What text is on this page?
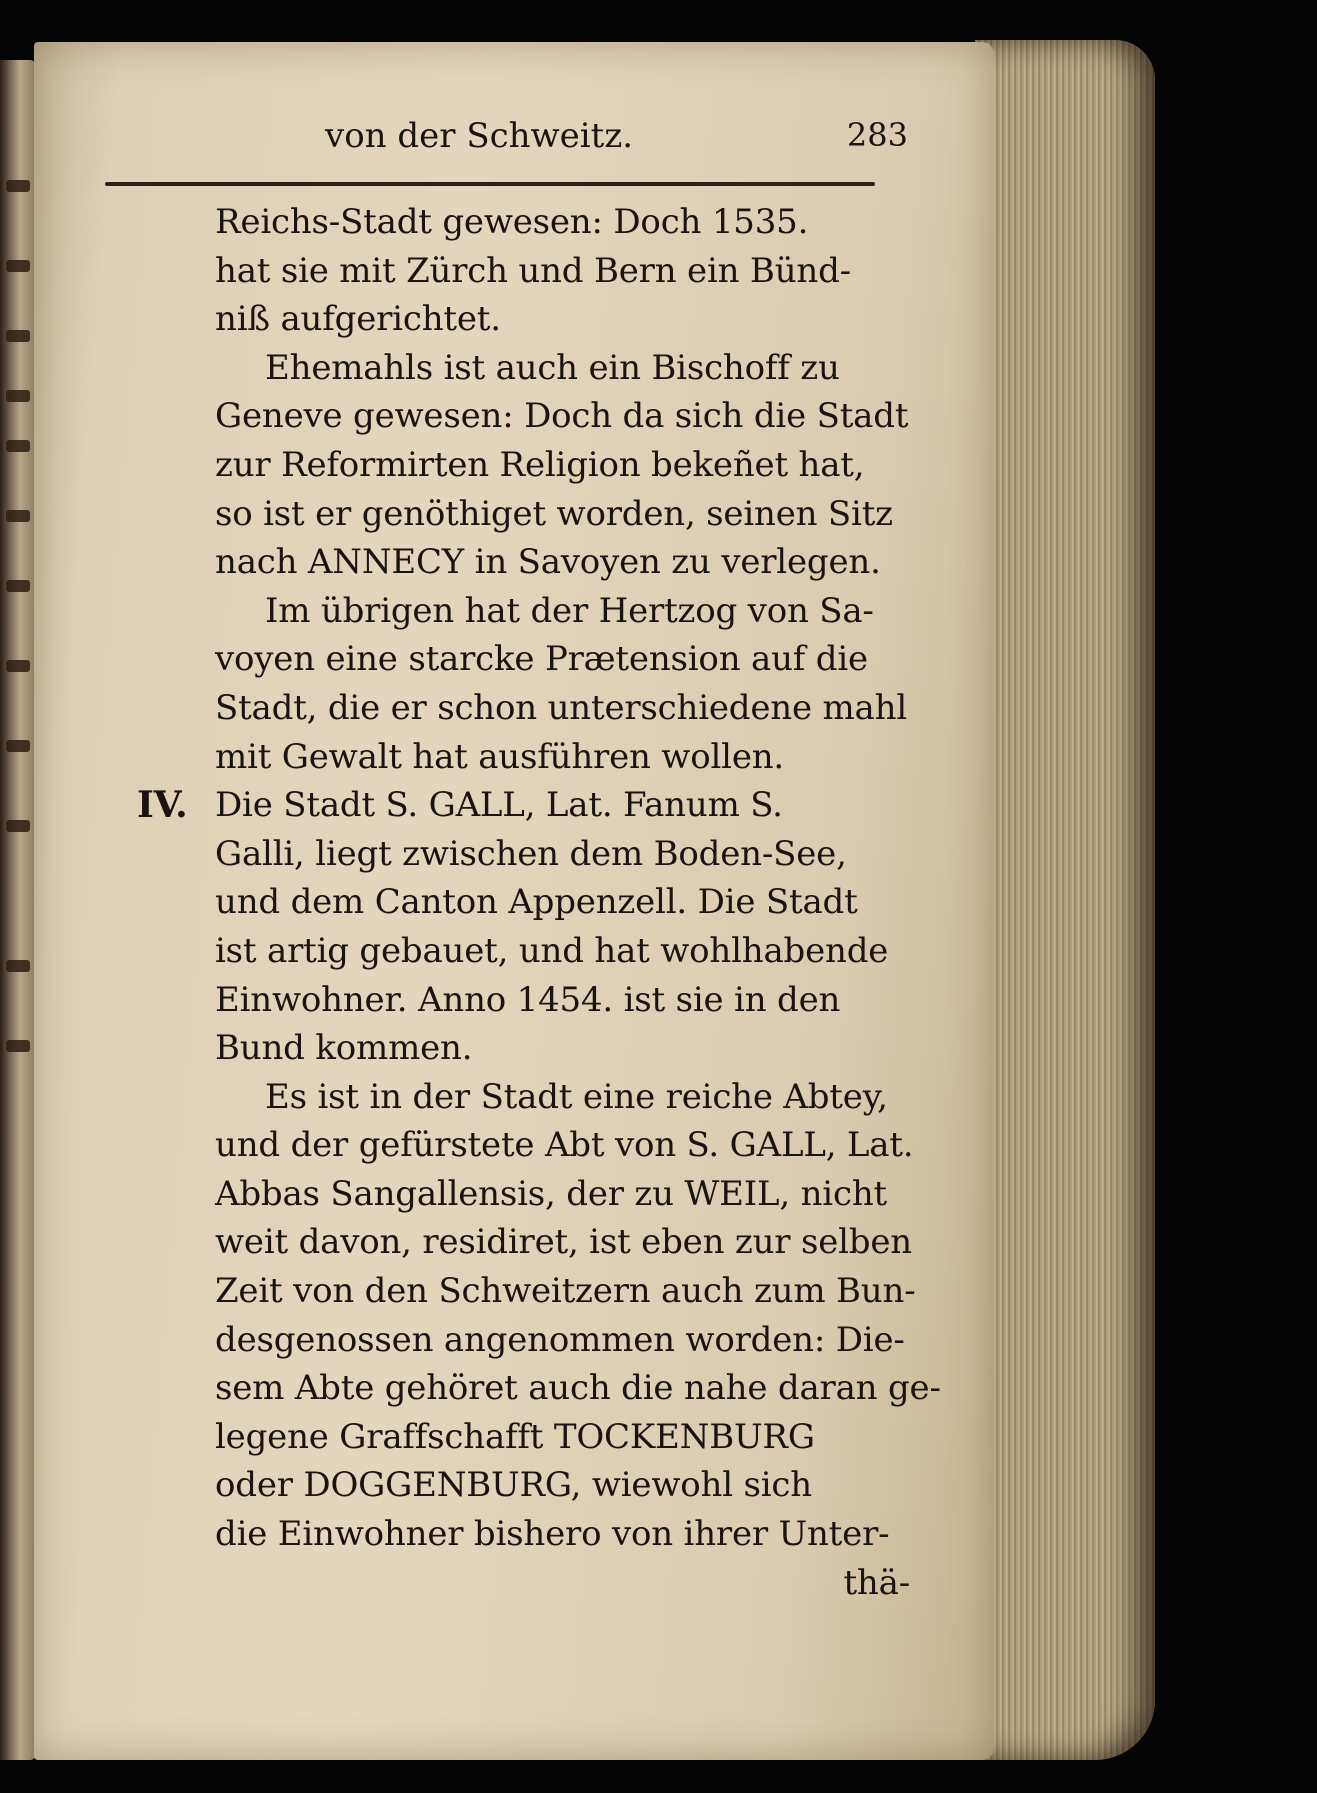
von der Schweitz.	283
Reichs-Stadt gewesen: Doch 1535.
hat sie mit Zürch und Bern ein Bünd-
niß aufgerichtet.
Ehemahls ist auch ein Bischoff zu
Geneve gewesen: Doch da sich die Stadt
zur Reformirten Religion bekeñet hat,
so ist er genöthiget worden, seinen Sitz
nach ANNECY in Savoyen zu verlegen.
Im übrigen hat der Hertzog von Sa-
voyen eine starcke Prætension auf die
Stadt, die er schon unterschiedene mahl
mit Gewalt hat ausführen wollen.
IV. Die Stadt S. GALL, Lat. Fanum S.
Galli, liegt zwischen dem Boden-See,
und dem Canton Appenzell. Die Stadt
ist artig gebauet, und hat wohlhabende
Einwohner. Anno 1454. ist sie in den
Bund kommen.
Es ist in der Stadt eine reiche Abtey,
und der gefürstete Abt von S. GALL, Lat.
Abbas Sangallensis, der zu WEIL, nicht
weit davon, residiret, ist eben zur selben
Zeit von den Schweitzern auch zum Bun-
desgenossen angenommen worden: Die-
sem Abte gehöret auch die nahe daran ge-
legene Graffschafft TOCKENBURG
oder DOGGENBURG, wiewohl sich
die Einwohner bishero von ihrer Unter-
thä-
